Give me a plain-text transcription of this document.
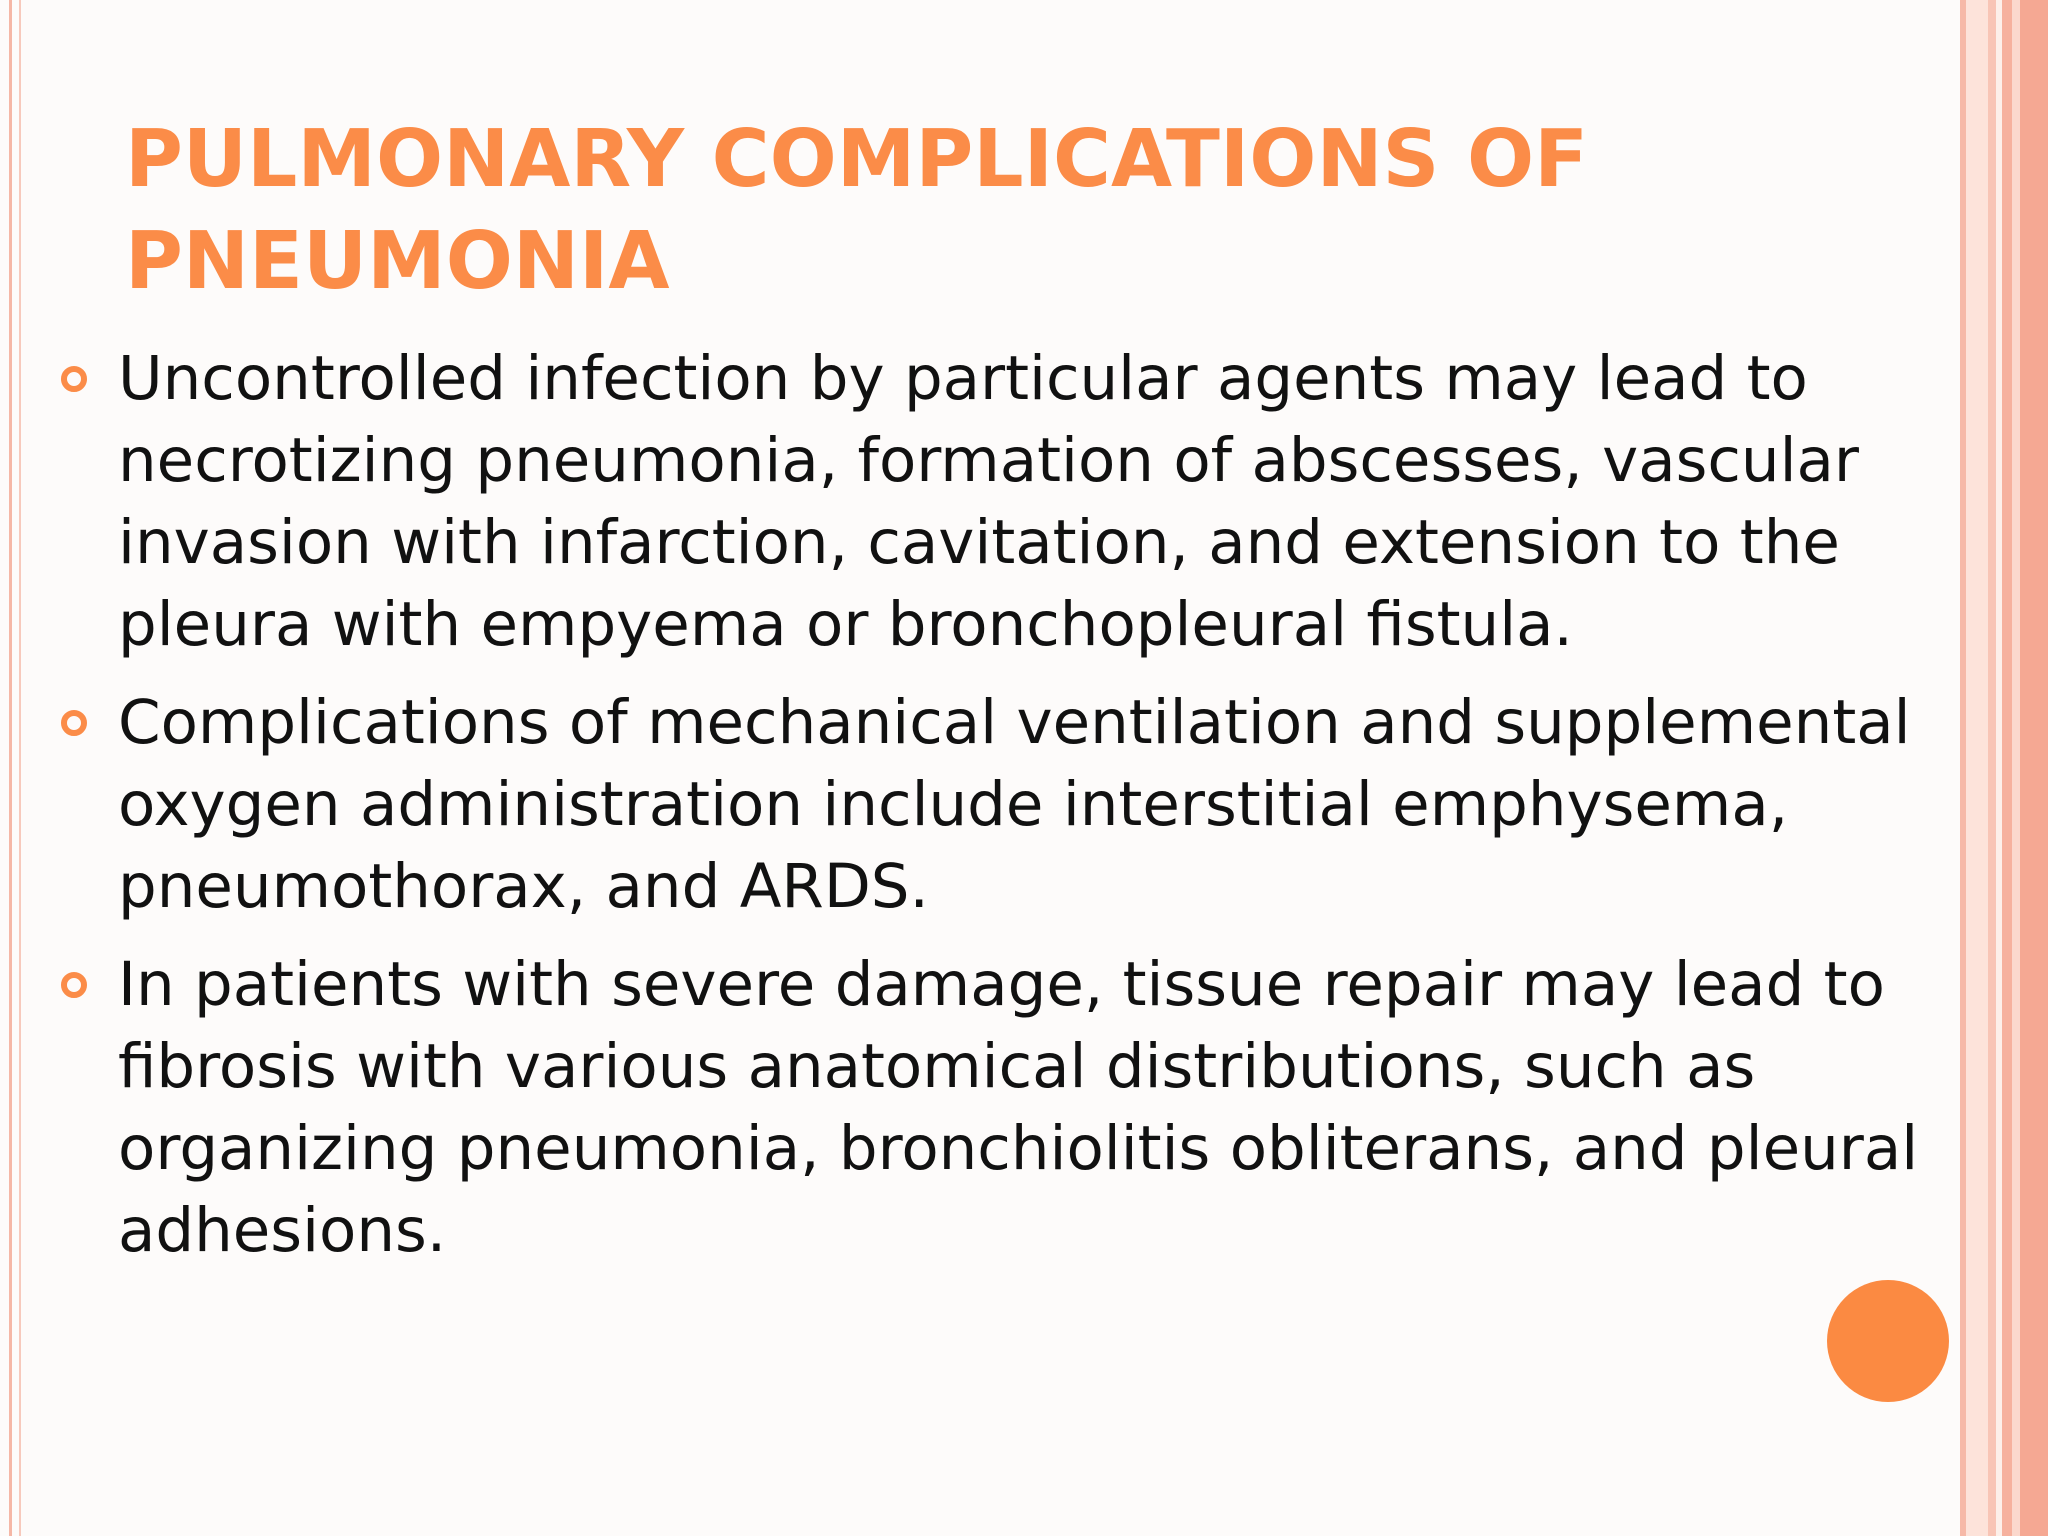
PULMONARY COMPLICATIONS OF PNEUMONIA
Uncontrolled infection by particular agents may lead to necrotizing pneumonia, formation of abscesses, vascular invasion with infarction, cavitation, and extension to the pleura with empyema or bronchopleural fistula.
Complications of mechanical ventilation and supplemental oxygen administration include interstitial emphysema, pneumothorax, and ARDS.
In patients with severe damage, tissue repair may lead to fibrosis with various anatomical distributions, such as organizing pneumonia, bronchiolitis obliterans, and pleural adhesions.
